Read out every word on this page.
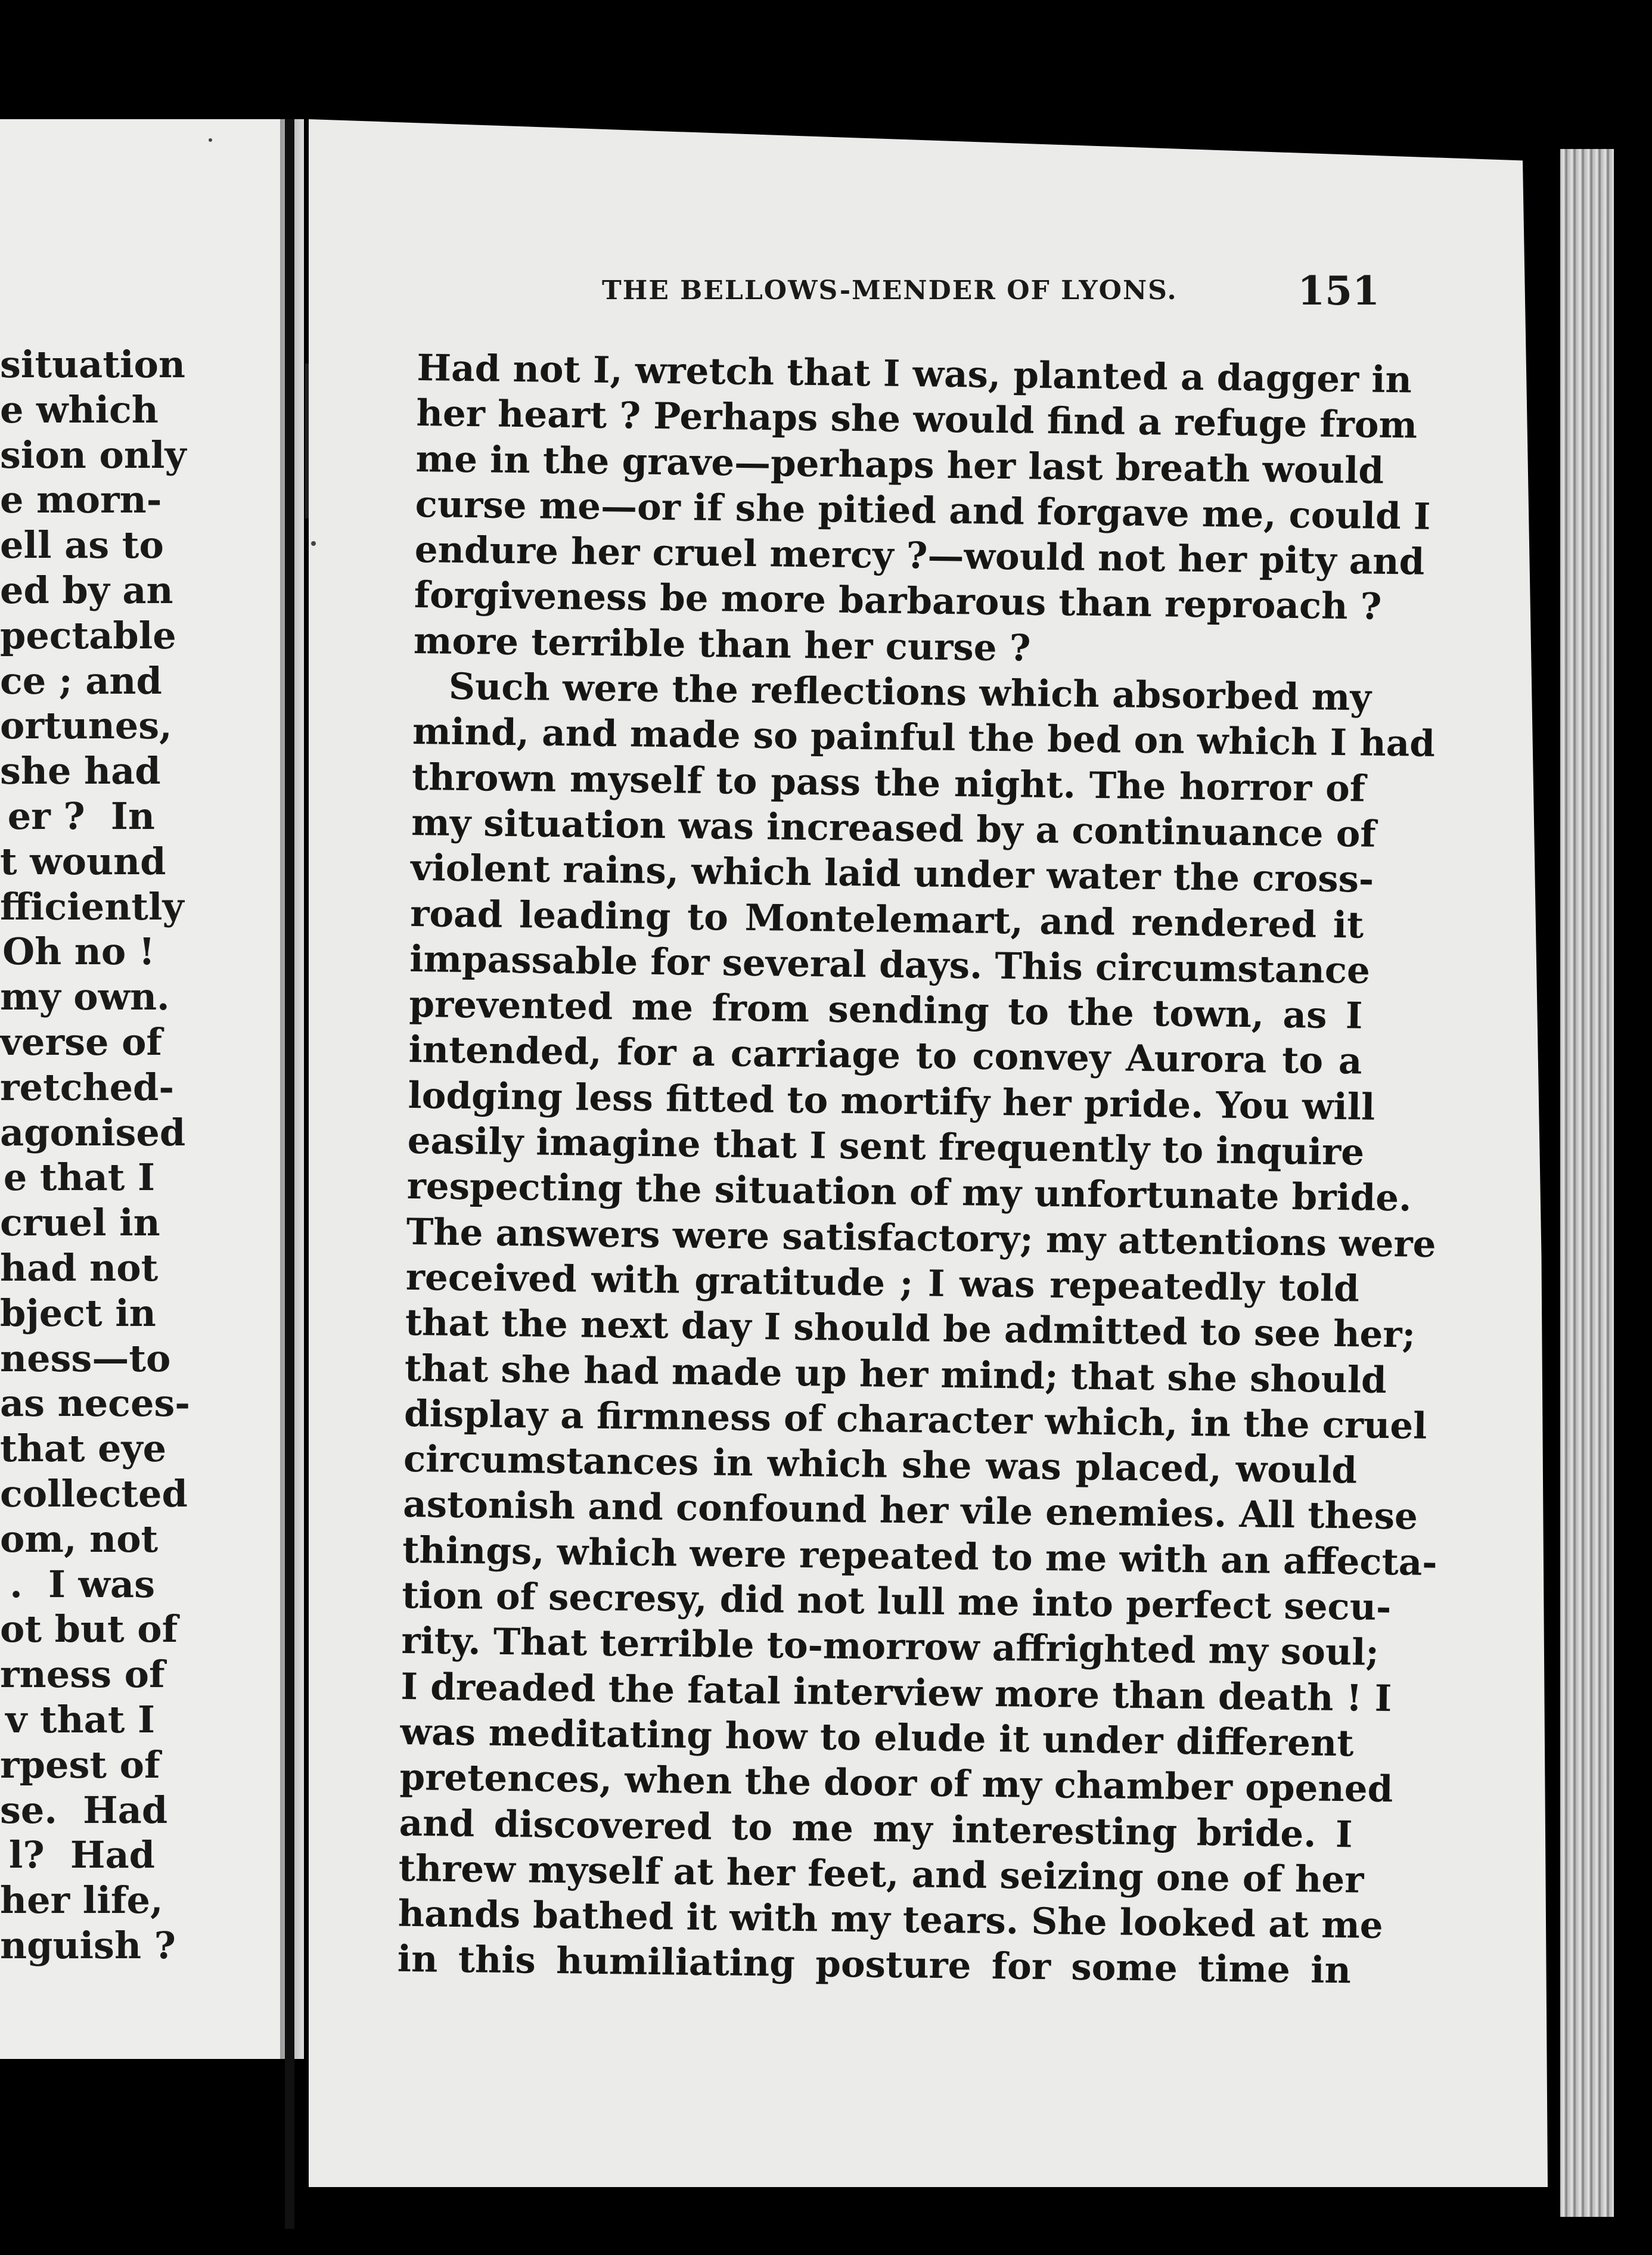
situation
e which
sion only
e morn-
ell as to
ed by an
pectable
ce ; and
ortunes,
she had
er ?  In
t wound
fficiently
Oh no !
my own.
verse of
retched-
agonised
e that I
cruel in
had not
bject in
ness—to
as neces-
that eye
collected
om, not
.  I was
ot but of
rness of
v that I
rpest of
se.  Had
l?  Had
her life,
nguish ?
THE BELLOWS-MENDER OF LYONS.	151
Had not I, wretch that I was, planted a dagger in
her heart ? Perhaps she would find a refuge from
me in the grave—perhaps her last breath would
curse me—or if she pitied and forgave me, could I
endure her cruel mercy ?—would not her pity and
forgiveness be more barbarous than reproach ?
more terrible than her curse ?
Such were the reflections which absorbed my
mind, and made so painful the bed on which I had
thrown myself to pass the night. The horror of
my situation was increased by a continuance of
violent rains, which laid under water the cross-
road leading to Montelemart, and rendered it
impassable for several days. This circumstance
prevented me from sending to the town, as I
intended, for a carriage to convey Aurora to a
lodging less fitted to mortify her pride. You will
easily imagine that I sent frequently to inquire
respecting the situation of my unfortunate bride.
The answers were satisfactory; my attentions were
received with gratitude ; I was repeatedly told
that the next day I should be admitted to see her;
that she had made up her mind; that she should
display a firmness of character which, in the cruel
circumstances in which she was placed, would
astonish and confound her vile enemies. All these
things, which were repeated to me with an affecta-
tion of secresy, did not lull me into perfect secu-
rity. That terrible to-morrow affrighted my soul;
I dreaded the fatal interview more than death ! I
was meditating how to elude it under different
pretences, when the door of my chamber opened
and discovered to me my interesting bride. I
threw myself at her feet, and seizing one of her
hands bathed it with my tears. She looked at me
in this humiliating posture for some time in
